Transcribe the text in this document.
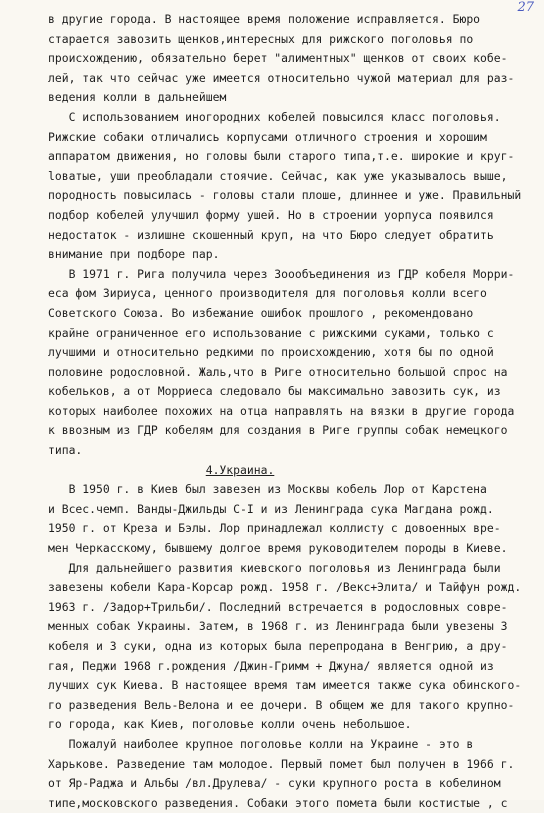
27
в другие города. В настоящее время положение исправляется. Бюро
старается завозить щенков,интересных для рижского поголовья по
происхождению, обязательно берет "алиментных" щенков от своих кобе-
лей, так что сейчас уже имеется относительно чужой материал для раз-
ведения колли в дальнейшем
С использованием иногородних кобелей повысился класс поголовья.
Рижские собаки отличались корпусами отличного строения и хорошим
аппаратом движения, но головы были старого типа,т.е. широкие и круг-
loватые, уши преобладали стоячие. Сейчас, как уже указывалось выше,
породность повысилась - головы стали плоше, длиннее и уже. Правильный
подбор кобелей улучшил форму ушей. Но в строении уорпуса появился
недостаток - излишне скошенный круп, на что Бюро следует обратить
внимание при подборе пар.
В 1971 г. Рига получила через Зоообъединения из ГДР кобеля Морри-
eса фом Зириуса, ценного производителя для поголовья колли всего
Советского Союза. Во избежание ошибок прошлого , рекомендовано
крайне ограниченное его использование с рижскими суками, только с
лучшими и относительно редкими по происхождению, хотя бы по одной
половине родословной. Жаль,что в Риге относительно большой спрос на
кобельков, а от Морриеса следовало бы максимально завозить сук, из
которых наиболее похожих на отца направлять на вязки в другие города
к ввозным из ГДР кобелям для создания в Риге группы собак немецкого
типа.
4.Украина.
В 1950 г. в Киев был завезен из Москвы кобель Лор от Карстена
и Всес.чемп. Ванды-Джильды С-I и из Ленинграда сука Магдана рожд.
1950 г. от Креза и Бэлы. Лор принадлежал коллисту с довоенных вре-
мен Черкасскому, бывшему долгое время руководителем породы в Киеве.
Для дальнейшего развития киевского поголовья из Ленинграда были
завезены кобели Кара-Корсар рожд. 1958 г. /Векс+Элита/ и Тайфун рожд.
1963 г. /Задор+Трильби/. Последний встречается в родословных совре-
менных собак Украины. Затем, в 1968 г. из Ленинграда были увезены 3
кобеля и 3 суки, одна из которых была перепродана в Венгрию, а дру-
гая, Педжи 1968 г.рождения /Джин-Гримм + Джуна/ является одной из
лучших сук Киева. В настоящее время там имеется также сука обинского-
го разведения Вель-Велона и ее дочери. В общем же для такого крупно-
го города, как Киев, поголовье колли очень небольшое.
Пожалуй наиболее крупное поголовье колли на Украине - это в
Харькове. Разведение там молодое. Первый помет был получен в 1966 г.
от Яр-Раджа и Альбы /вл.Друлева/ - суки крупного роста в кобелином
типе,московского разведения. Собаки этого помета были костистые , с
